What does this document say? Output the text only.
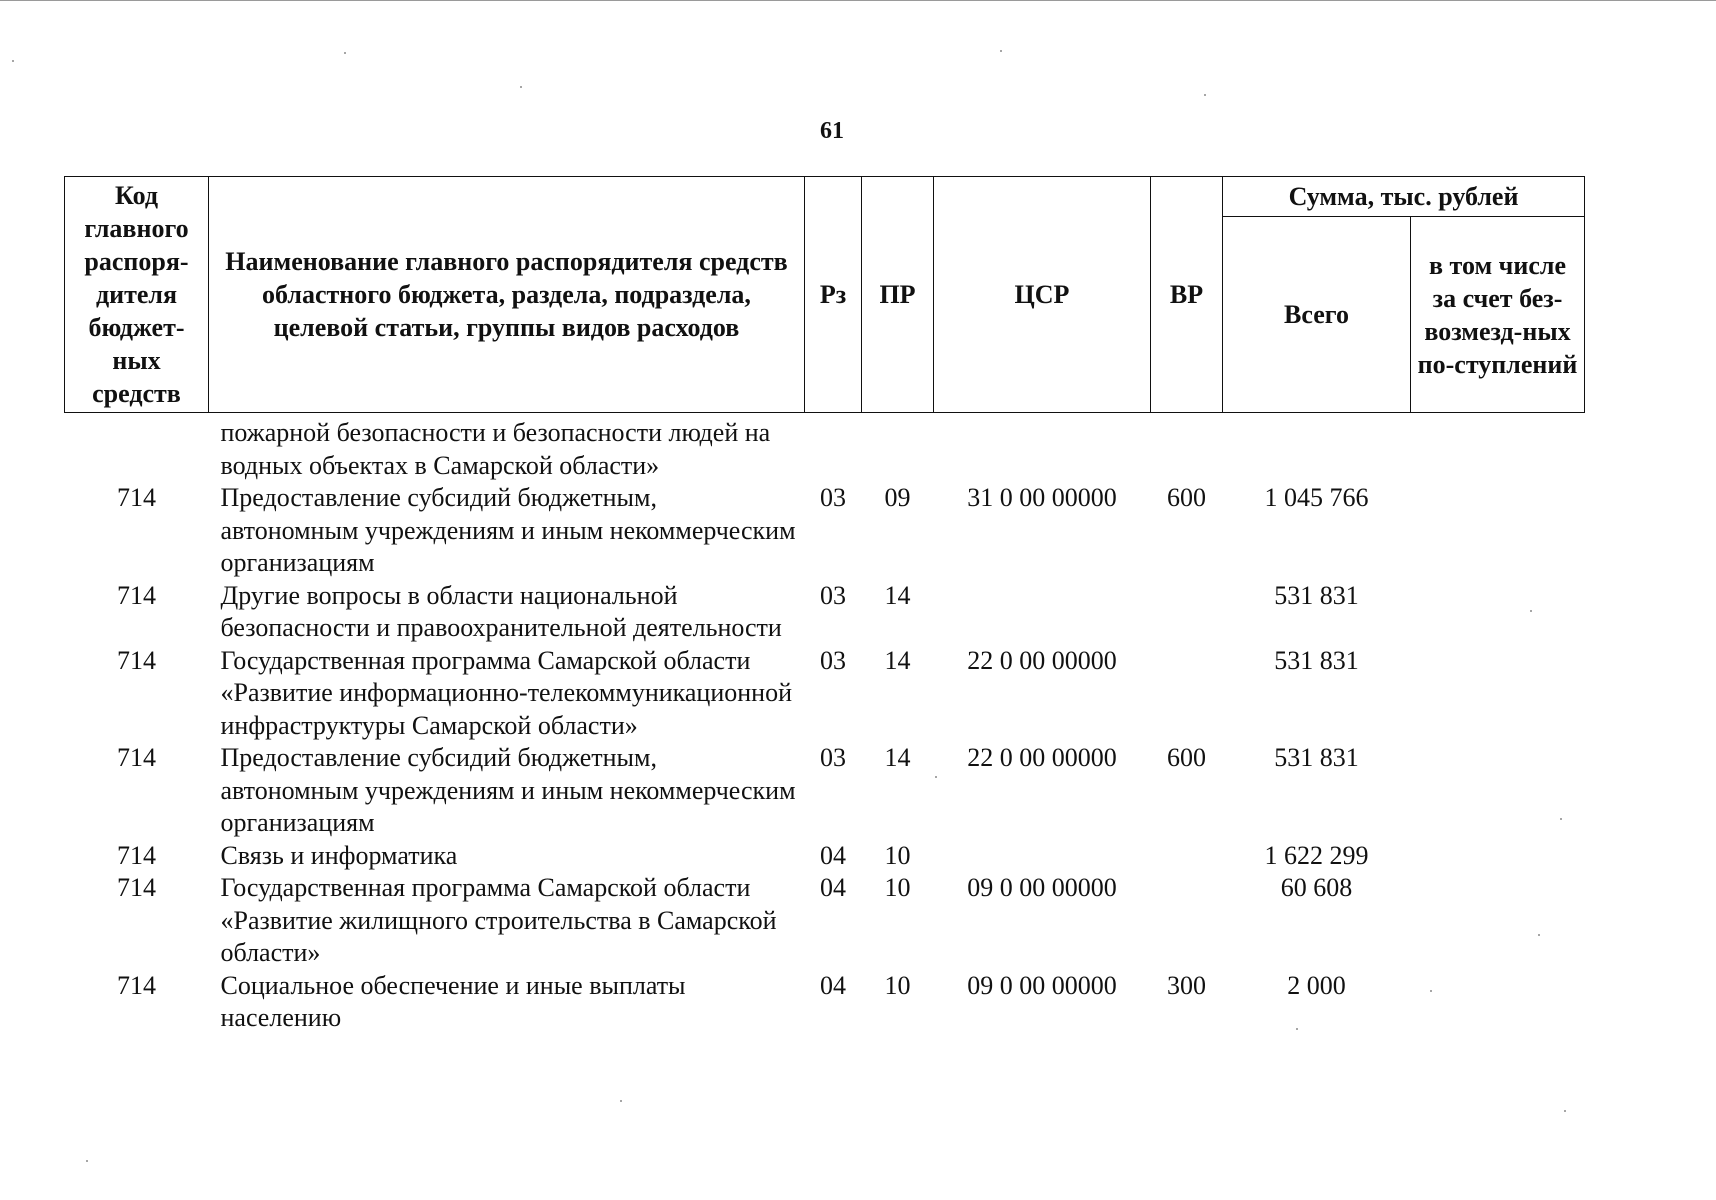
61
Код главного распоря-дителя бюджет-ных средств	Наименование главного распорядителя средств областного бюджета, раздела, подраздела, целевой статьи, группы видов расходов	Рз	ПР	ЦСР	ВР	Сумма, тыс. рублей	
						Всего	в том числе за счет без-возмезд-ных по-ступлений
	пожарной безопасности и безопасности людей на водных объектах в Самарской области»						
714	Предоставление субсидий бюджетным, автономным учреждениям и иным некоммерческим организациям	03	09	31 0 00 00000	600	1 045 766	
714	Другие вопросы в области национальной безопасности и правоохранительной деятельности	03	14			531 831	
714	Государственная программа Самарской области «Развитие информационно-телекоммуникационной инфраструктуры Самарской области»	03	14	22 0 00 00000		531 831	
714	Предоставление субсидий бюджетным, автономным учреждениям и иным некоммерческим организациям	03	14	22 0 00 00000	600	531 831	
714	Связь и информатика	04	10			1 622 299	
714	Государственная программа Самарской области «Развитие жилищного строительства в Самарской области»	04	10	09 0 00 00000		60 608	
714	Социальное обеспечение и иные выплаты населению	04	10	09 0 00 00000	300	2 000	
